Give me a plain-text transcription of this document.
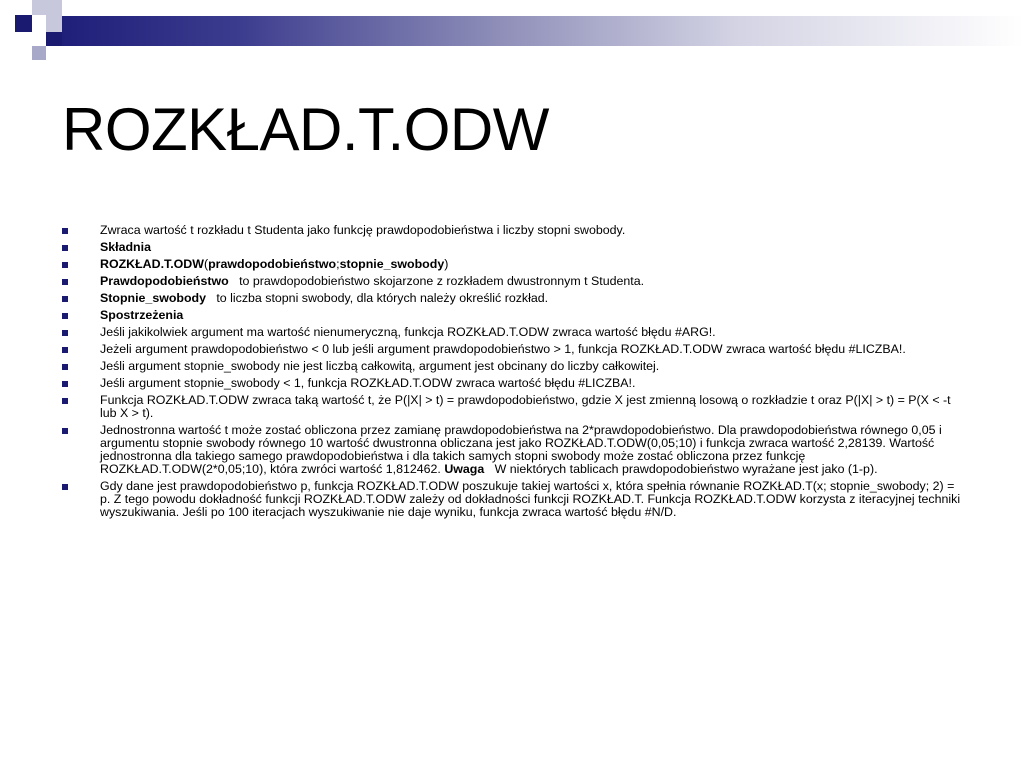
ROZKŁAD.T.ODW
Zwraca wartość t rozkładu t Studenta jako funkcję prawdopodobieństwa i liczby stopni swobody.
Składnia
ROZKŁAD.T.ODW(prawdopodobieństwo;stopnie_swobody)
Prawdopodobieństwo to prawdopodobieństwo skojarzone z rozkładem dwustronnym t Studenta.
Stopnie_swobody to liczba stopni swobody, dla których należy określić rozkład.
Spostrzeżenia
Jeśli jakikolwiek argument ma wartość nienumeryczną, funkcja ROZKŁAD.T.ODW zwraca wartość błędu #ARG!.
Jeżeli argument prawdopodobieństwo < 0 lub jeśli argument prawdopodobieństwo > 1, funkcja ROZKŁAD.T.ODW zwraca wartość błędu #LICZBA!.
Jeśli argument stopnie_swobody nie jest liczbą całkowitą, argument jest obcinany do liczby całkowitej.
Jeśli argument stopnie_swobody < 1, funkcja ROZKŁAD.T.ODW zwraca wartość błędu #LICZBA!.
Funkcja ROZKŁAD.T.ODW zwraca taką wartość t, że P(|X| > t) = prawdopodobieństwo, gdzie X jest zmienną losową o rozkładzie t oraz P(|X| > t) = P(X < -t lub X > t).
Jednostronna wartość t może zostać obliczona przez zamianę prawdopodobieństwa na 2*prawdopodobieństwo. Dla prawdopodobieństwa równego 0,05 i argumentu stopnie swobody równego 10 wartość dwustronna obliczana jest jako ROZKŁAD.T.ODW(0,05;10) i funkcja zwraca wartość 2,28139. Wartość jednostronna dla takiego samego prawdopodobieństwa i dla takich samych stopni swobody może zostać obliczona przez funkcję ROZKŁAD.T.ODW(2*0,05;10), która zwróci wartość 1,812462. Uwaga W niektórych tablicach prawdopodobieństwo wyrażane jest jako (1-p).
Gdy dane jest prawdopodobieństwo p, funkcja ROZKŁAD.T.ODW poszukuje takiej wartości x, która spełnia równanie ROZKŁAD.T(x; stopnie_swobody; 2) = p. Z tego powodu dokładność funkcji ROZKŁAD.T.ODW zależy od dokładności funkcji ROZKŁAD.T. Funkcja ROZKŁAD.T.ODW korzysta z iteracyjnej techniki wyszukiwania. Jeśli po 100 iteracjach wyszukiwanie nie daje wyniku, funkcja zwraca wartość błędu #N/D.
